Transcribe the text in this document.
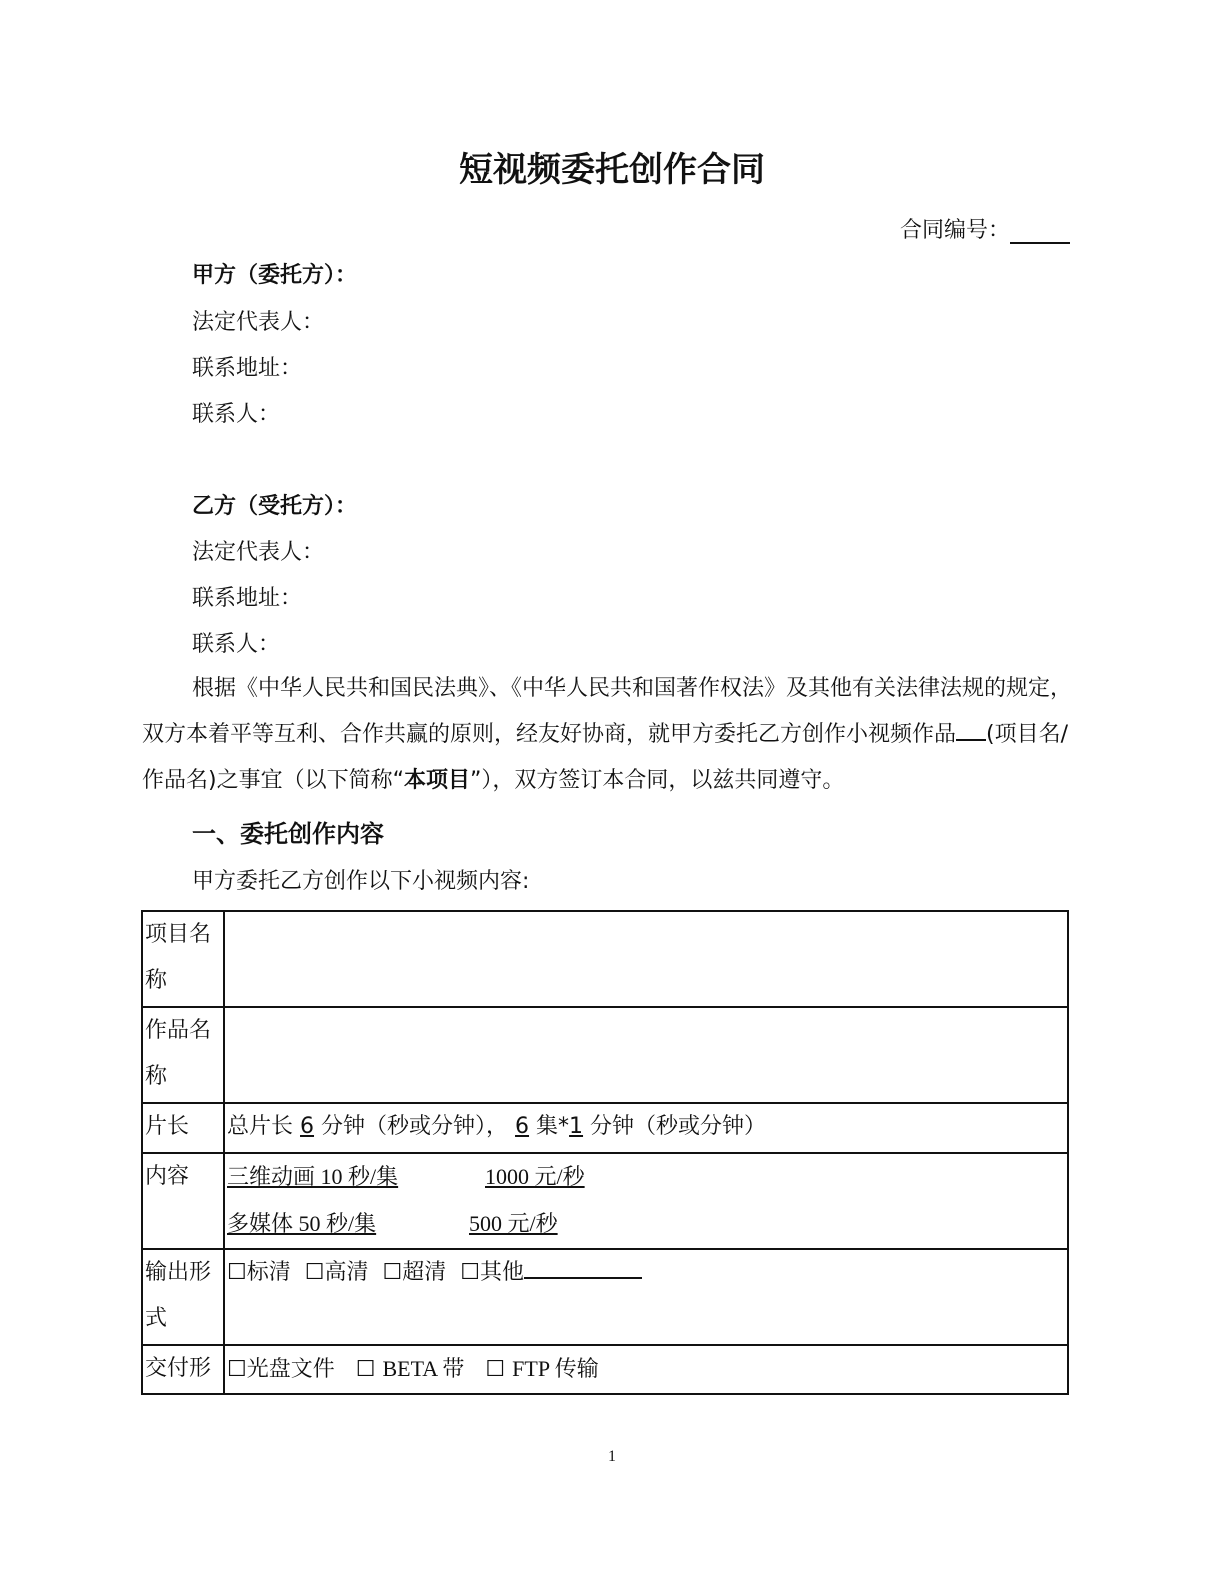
短视频委托创作合同
合同编号：
甲方（委托方）：
法定代表人：
联系地址：
联系人：
乙方（受托方）：
法定代表人：
联系地址：
联系人：
根据《中华人民共和国民法典》、《中华人民共和国著作权法》及其他有关法律法规的规定，双方本着平等互利、合作共赢的原则，经友好协商，就甲方委托乙方创作小视频作品 (项目名/作品名)之事宜（以下简称“本项目”），双方签订本合同，以兹共同遵守。
一、委托创作内容
甲方委托乙方创作以下小视频内容:
项目名称	
作品名称	
片长	总片长 6 分钟（秒或分钟）， 6 集*1 分钟（秒或分钟）
内容	三维动画 10 秒/集 1000 元/秒
多媒体 50 秒/集 500 元/秒

输出形式	☐标清 ☐高清 ☐超清 ☐其他
交付形	☐光盘文件 ☐ BETA 带 ☐ FTP 传输
1
